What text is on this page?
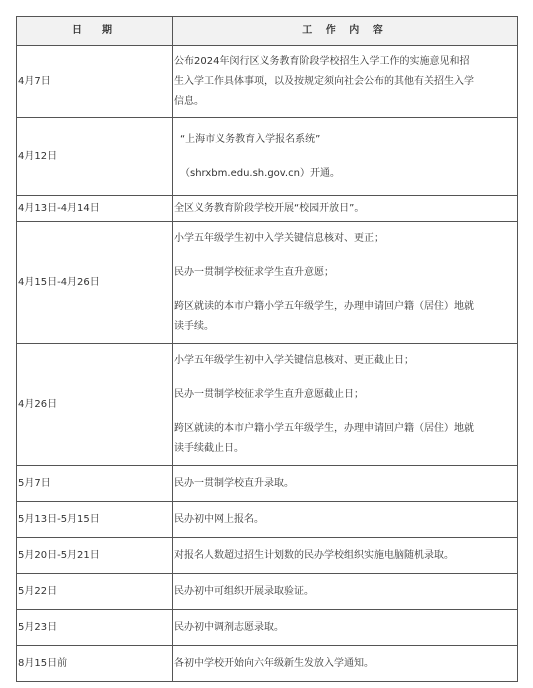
日　期	工 作 内 容
4月7日	公布2024年闵行区义务教育阶段学校招生入学工作的实施意见和招
生入学工作具体事项，以及按规定须向社会公布的其他有关招生入学
信息。

4月12日	“上海市义务教育入学报名系统”
（shrxbm.edu.sh.gov.cn）开通。

4月13日-4月14日	全区义务教育阶段学校开展“校园开放日”。
4月15日-4月26日	小学五年级学生初中入学关键信息核对、更正；
民办一贯制学校征求学生直升意愿；
跨区就读的本市户籍小学五年级学生，办理申请回户籍（居住）地就
读手续。

4月26日	小学五年级学生初中入学关键信息核对、更正截止日；
民办一贯制学校征求学生直升意愿截止日；
跨区就读的本市户籍小学五年级学生，办理申请回户籍（居住）地就
读手续截止日。

5月7日	民办一贯制学校直升录取。
5月13日-5月15日	民办初中网上报名。
5月20日-5月21日	对报名人数超过招生计划数的民办学校组织实施电脑随机录取。
5月22日	民办初中可组织开展录取验证。
5月23日	民办初中调剂志愿录取。
8月15日前	各初中学校开始向六年级新生发放入学通知。
